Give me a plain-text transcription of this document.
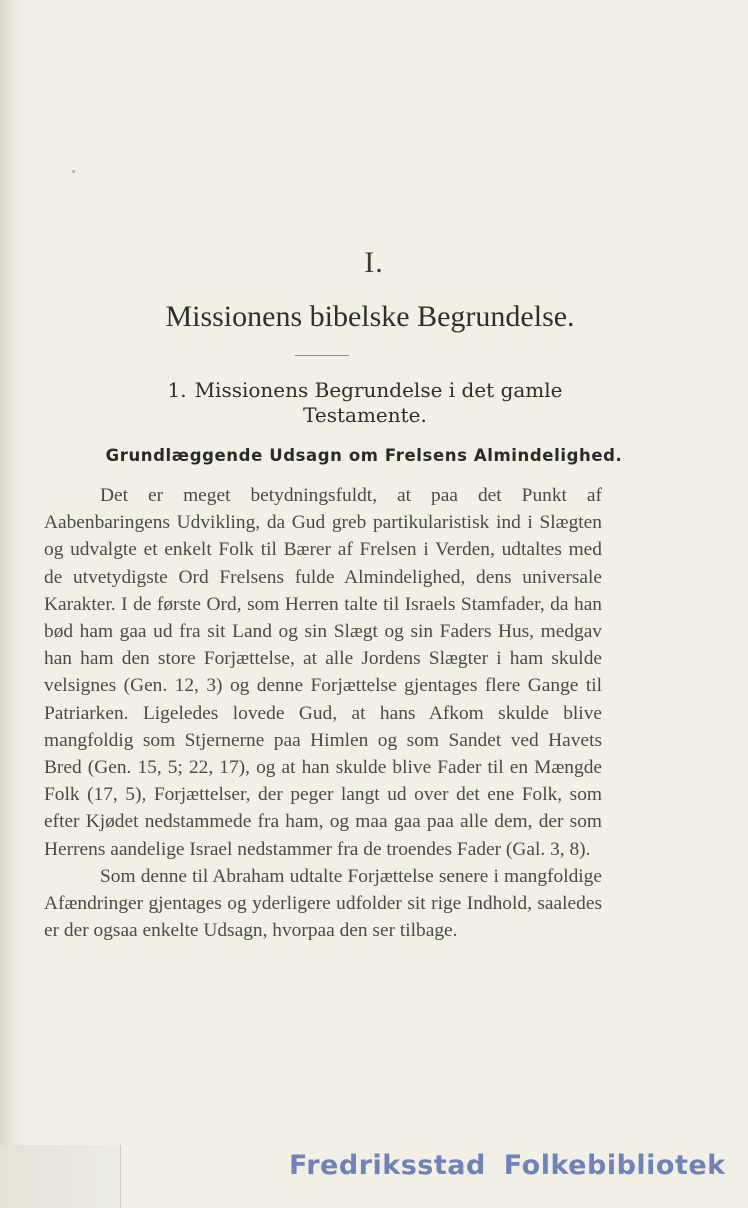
I.
Missionens bibelske Begrundelse.
1. Missionens Begrundelse i det gamle
Testamente.
Grundlæggende Udsagn om Frelsens Almindelighed.

Det er meget betydningsfuldt, at paa det Punkt af Aabenbaringens Udvikling, da Gud greb partikularistisk ind i Slægten og udvalgte et enkelt Folk til Bærer af Frelsen i Verden, udtaltes med de utvetydigste Ord Frelsens fulde Almindelighed, dens universale Karakter. I de første Ord, som Herren talte til Israels Stamfader, da han bød ham gaa ud fra sit Land og sin Slægt og sin Faders Hus, medgav han ham den store Forjættelse, at alle Jordens Slægter i ham skulde velsignes (Gen. 12, 3) og denne Forjættelse gjentages flere Gange til Patriarken. Ligeledes lovede Gud, at hans Afkom skulde blive mangfoldig som Stjernerne paa Himlen og som Sandet ved Havets Bred (Gen. 15, 5; 22, 17), og at han skulde blive Fader til en Mængde Folk (17, 5), Forjættelser, der peger langt ud over det ene Folk, som efter Kjødet nedstammede fra ham, og maa gaa paa alle dem, der som Herrens aandelige Israel nedstammer fra de troendes Fader (Gal. 3, 8).

Som denne til Abraham udtalte Forjættelse senere i mangfoldige Afændringer gjentages og yderligere udfolder sit rige Indhold, saaledes er der ogsaa enkelte Udsagn, hvorpaa den ser tilbage.

Fredriksstad Folkebibliotek
